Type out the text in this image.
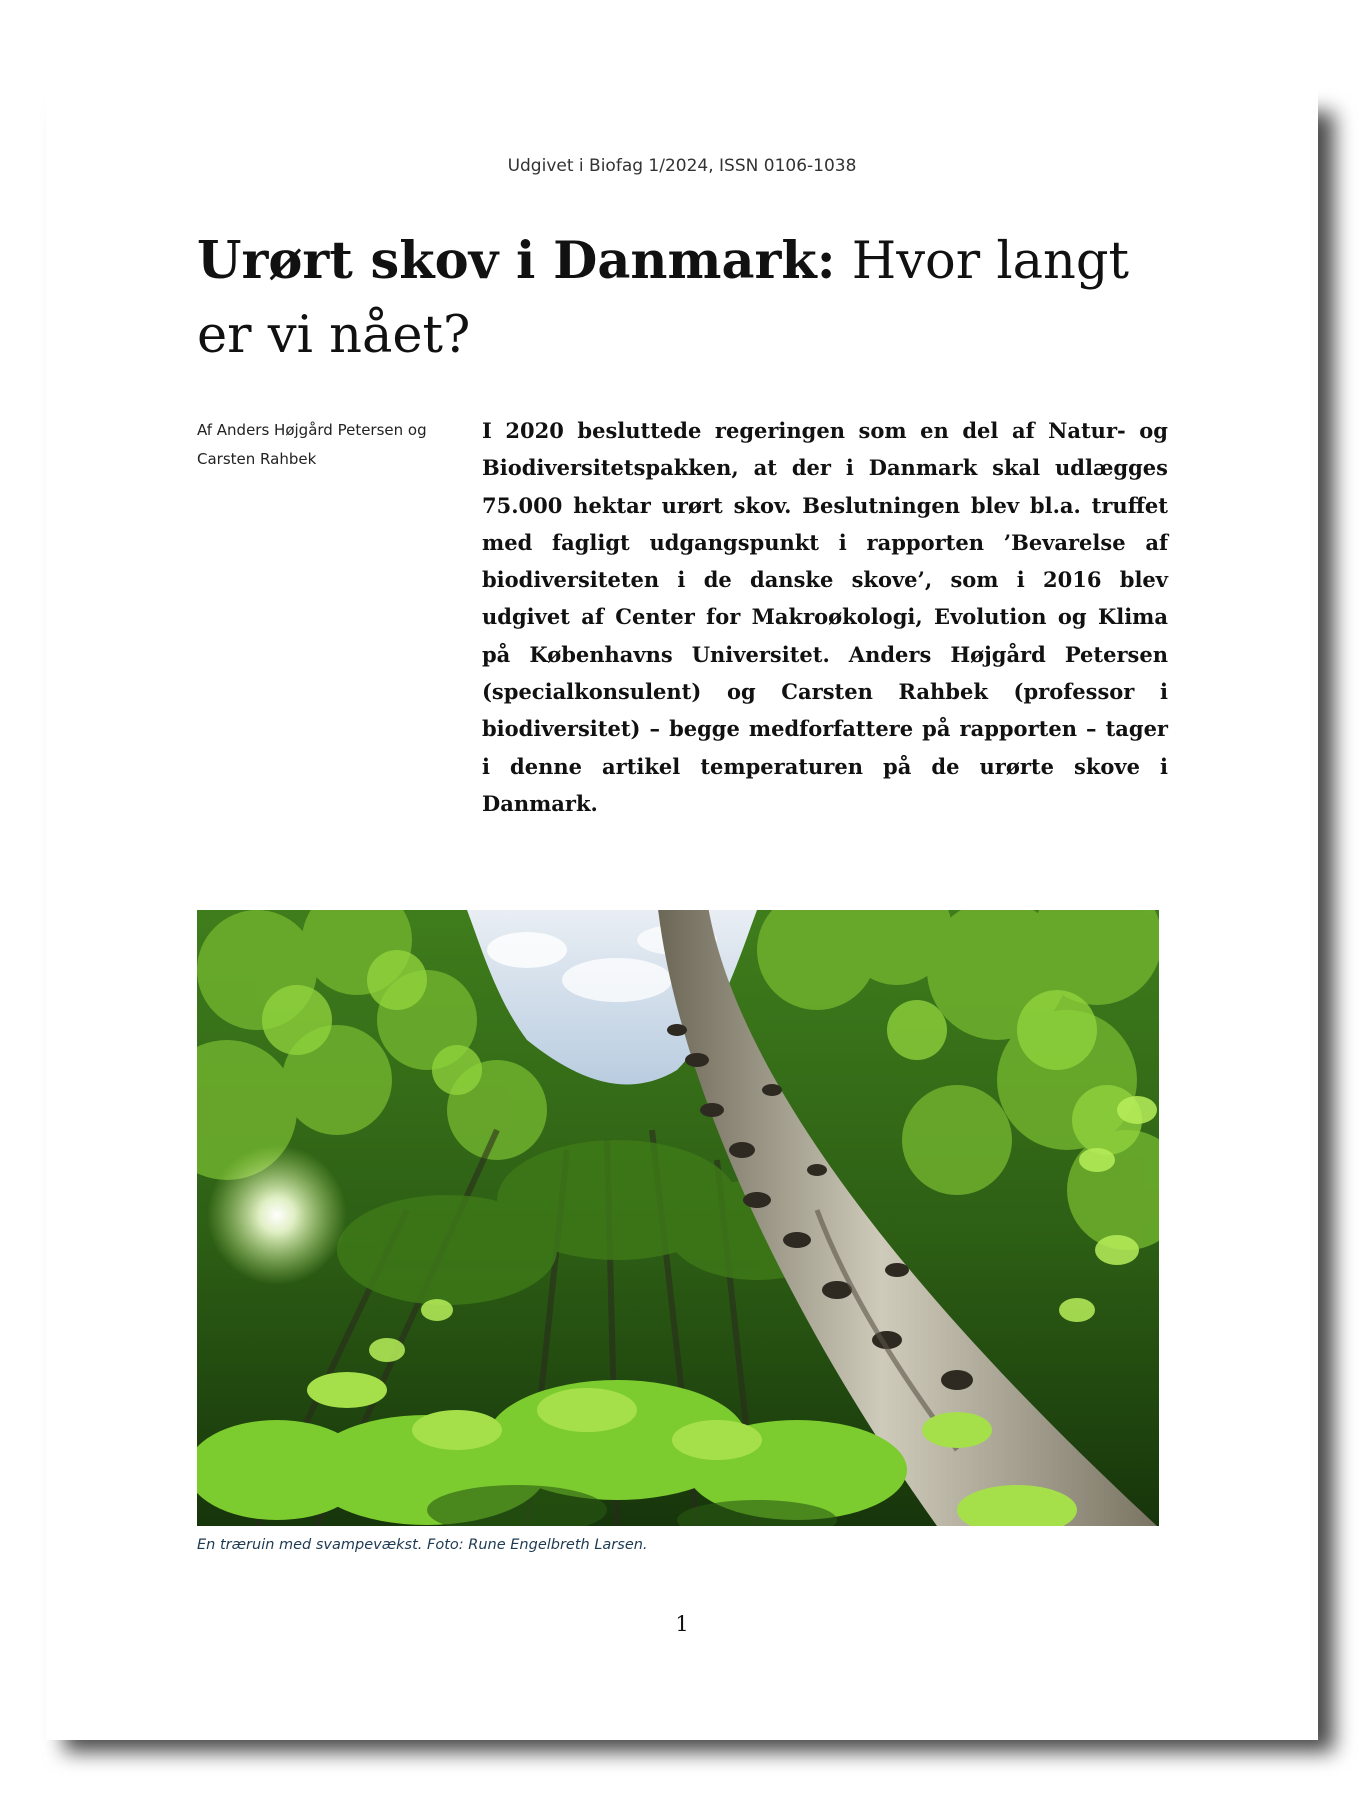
Udgivet i Biofag 1/2024, ISSN 0106-1038
Urørt skov i Danmark: Hvor langt er vi nået?
Af Anders Højgård Petersen og Carsten Rahbek

I 2020 besluttede regeringen som en del af Natur- og Biodiversitetspakken, at der i Danmark skal udlægges 75.000 hektar urørt skov. Beslutningen blev bl.a. truffet med fagligt udgangspunkt i rapporten ’Bevarelse af biodiversiteten i de danske skove’, som i 2016 blev udgivet af Center for Makroøkologi, Evolution og Klima på Københavns Universitet. Anders Højgård Petersen (specialkonsulent) og Carsten Rahbek (professor i biodiversitet) – begge medforfattere på rapporten – tager i denne artikel temperaturen på de urørte skove i Danmark.

En træruin med svampevækst. Foto: Rune Engelbreth Larsen.
1
